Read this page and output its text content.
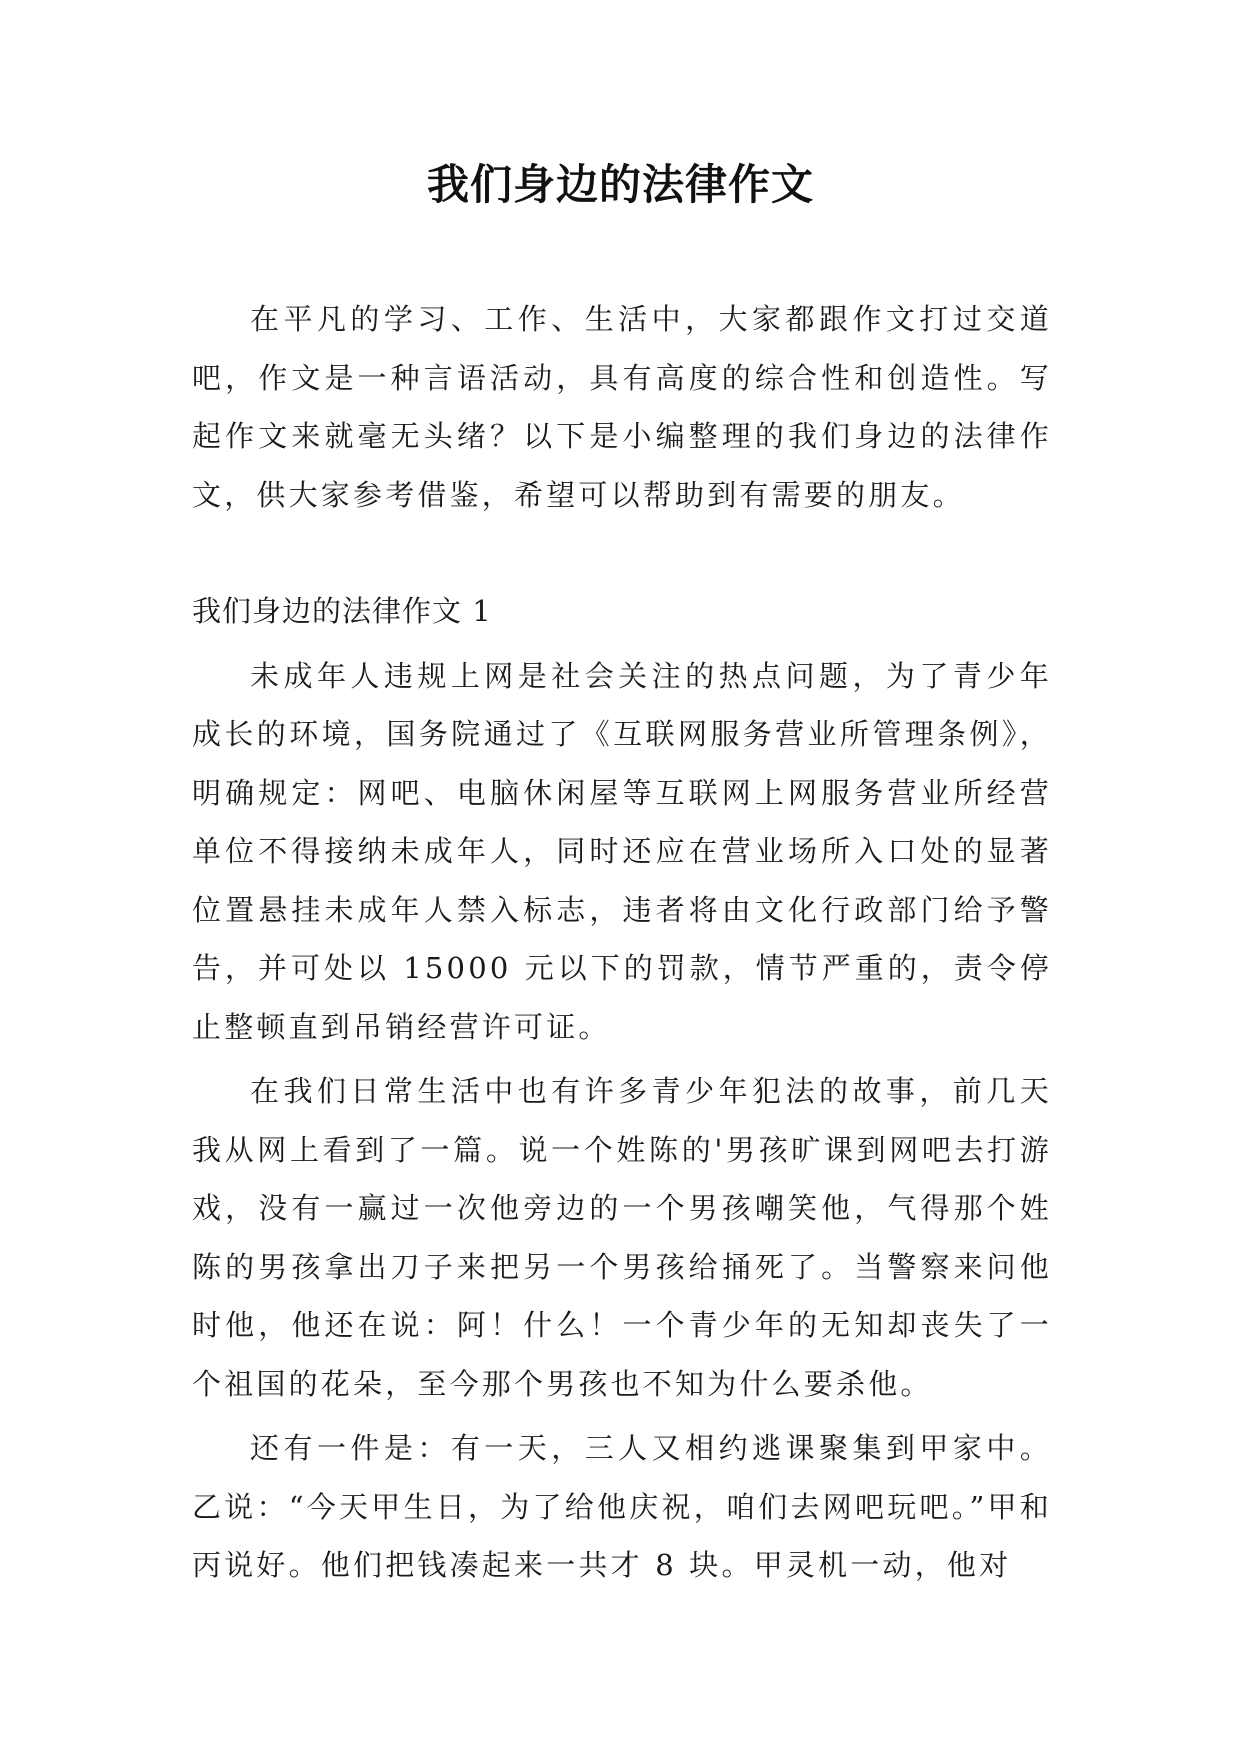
我们身边的法律作文

在平凡的学习、工作、生活中，大家都跟作文打过交道吧，作文是一种言语活动，具有高度的综合性和创造性。写起作文来就毫无头绪？以下是小编整理的我们身边的法律作文，供大家参考借鉴，希望可以帮助到有需要的朋友。

我们身边的法律作文 1

未成年人违规上网是社会关注的热点问题，为了青少年成长的环境，国务院通过了《互联网服务营业所管理条例》，明确规定：网吧、电脑休闲屋等互联网上网服务营业所经营单位不得接纳未成年人，同时还应在营业场所入口处的显著位置悬挂未成年人禁入标志，违者将由文化行政部门给予警告，并可处以 15000 元以下的罚款，情节严重的，责令停止整顿直到吊销经营许可证。

在我们日常生活中也有许多青少年犯法的故事，前几天我从网上看到了一篇。说一个姓陈的'男孩旷课到网吧去打游戏，没有一赢过一次他旁边的一个男孩嘲笑他，气得那个姓陈的男孩拿出刀子来把另一个男孩给捅死了。当警察来问他时他，他还在说：阿！什么！一个青少年的无知却丧失了一个祖国的花朵，至今那个男孩也不知为什么要杀他。

还有一件是：有一天，三人又相约逃课聚集到甲家中。乙说：“今天甲生日，为了给他庆祝，咱们去网吧玩吧。”甲和丙说好。他们把钱凑起来一共才 8 块。甲灵机一动，他对
